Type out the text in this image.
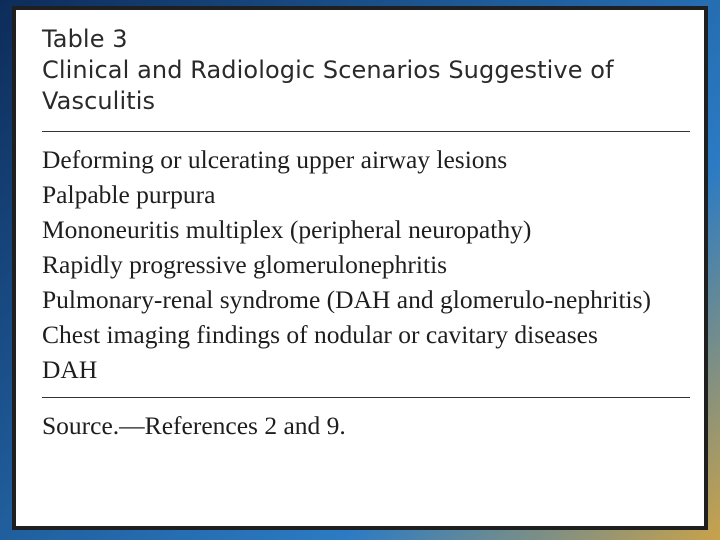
Table 3

Clinical and Radiologic Scenarios Suggestive of Vasculitis

Deforming or ulcerating upper airway lesions
Palpable purpura
Mononeuritis multiplex (peripheral neuropathy)
Rapidly progressive glomerulonephritis
Pulmonary-renal syndrome (DAH and glomerulo-nephritis)
Chest imaging findings of nodular or cavitary diseases
DAH

Source.—References 2 and 9.
